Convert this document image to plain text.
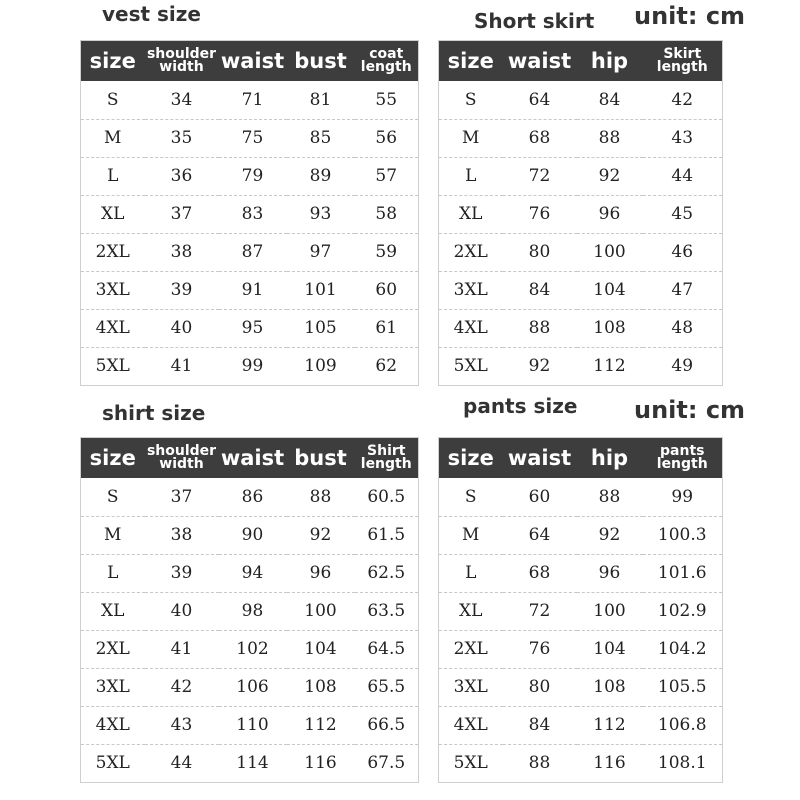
vest size	Short skirt unit: cm
shirt size	pants size unit: cm
size	shoulder width	waist	bust	coat length
S	34	71	81	55
M	35	75	85	56
L	36	79	89	57
XL	37	83	93	58
2XL	38	87	97	59
3XL	39	91	101	60
4XL	40	95	105	61
5XL	41	99	109	62
size	waist	hip	Skirt length
S	64	84	42
M	68	88	43
L	72	92	44
XL	76	96	45
2XL	80	100	46
3XL	84	104	47
4XL	88	108	48
5XL	92	112	49
size	shoulder width	waist	bust	Shirt length
S	37	86	88	60.5
M	38	90	92	61.5
L	39	94	96	62.5
XL	40	98	100	63.5
2XL	41	102	104	64.5
3XL	42	106	108	65.5
4XL	43	110	112	66.5
5XL	44	114	116	67.5
size	waist	hip	pants length
S	60	88	99
M	64	92	100.3
L	68	96	101.6
XL	72	100	102.9
2XL	76	104	104.2
3XL	80	108	105.5
4XL	84	112	106.8
5XL	88	116	108.1
